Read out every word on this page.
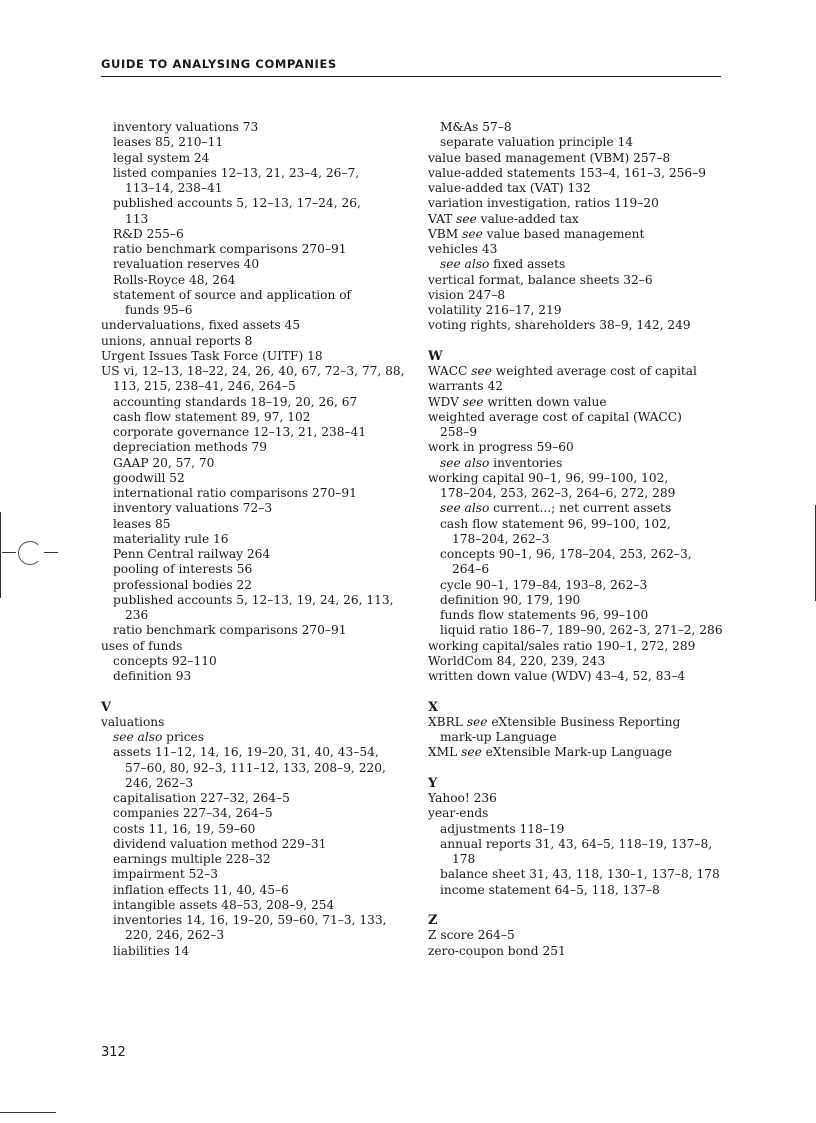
GUIDE TO ANALYSING COMPANIES
inventory valuations 73
leases 85, 210–11
legal system 24
listed companies 12–13, 21, 23–4, 26–7,
113–14, 238–41
published accounts 5, 12–13, 17–24, 26,
113
R&D 255–6
ratio benchmark comparisons 270–91
revaluation reserves 40
Rolls-Royce 48, 264
statement of source and application of
funds 95–6
undervaluations, fixed assets 45
unions, annual reports 8
Urgent Issues Task Force (UITF) 18
US vi, 12–13, 18–22, 24, 26, 40, 67, 72–3, 77, 88,
113, 215, 238–41, 246, 264–5
accounting standards 18–19, 20, 26, 67
cash flow statement 89, 97, 102
corporate governance 12–13, 21, 238–41
depreciation methods 79
GAAP 20, 57, 70
goodwill 52
international ratio comparisons 270–91
inventory valuations 72–3
leases 85
materiality rule 16
Penn Central railway 264
pooling of interests 56
professional bodies 22
published accounts 5, 12–13, 19, 24, 26, 113,
236
ratio benchmark comparisons 270–91
uses of funds
concepts 92–110
definition 93
V
valuations
see also prices
assets 11–12, 14, 16, 19–20, 31, 40, 43–54,
57–60, 80, 92–3, 111–12, 133, 208–9, 220,
246, 262–3
capitalisation 227–32, 264–5
companies 227–34, 264–5
costs 11, 16, 19, 59–60
dividend valuation method 229–31
earnings multiple 228–32
impairment 52–3
inflation effects 11, 40, 45–6
intangible assets 48–53, 208–9, 254
inventories 14, 16, 19–20, 59–60, 71–3, 133,
220, 246, 262–3
liabilities 14
M&As 57–8
separate valuation principle 14
value based management (VBM) 257–8
value-added statements 153–4, 161–3, 256–9
value-added tax (VAT) 132
variation investigation, ratios 119–20
VAT see value-added tax
VBM see value based management
vehicles 43
see also fixed assets
vertical format, balance sheets 32–6
vision 247–8
volatility 216–17, 219
voting rights, shareholders 38–9, 142, 249
W
WACC see weighted average cost of capital
warrants 42
WDV see written down value
weighted average cost of capital (WACC)
258–9
work in progress 59–60
see also inventories
working capital 90–1, 96, 99–100, 102,
178–204, 253, 262–3, 264–6, 272, 289
see also current...; net current assets
cash flow statement 96, 99–100, 102,
178–204, 262–3
concepts 90–1, 96, 178–204, 253, 262–3,
264–6
cycle 90–1, 179–84, 193–8, 262–3
definition 90, 179, 190
funds flow statements 96, 99–100
liquid ratio 186–7, 189–90, 262–3, 271–2, 286
working capital/sales ratio 190–1, 272, 289
WorldCom 84, 220, 239, 243
written down value (WDV) 43–4, 52, 83–4
X
XBRL see eXtensible Business Reporting
mark-up Language
XML see eXtensible Mark-up Language
Y
Yahoo! 236
year-ends
adjustments 118–19
annual reports 31, 43, 64–5, 118–19, 137–8,
178
balance sheet 31, 43, 118, 130–1, 137–8, 178
income statement 64–5, 118, 137–8
Z
Z score 264–5
zero-coupon bond 251
312
